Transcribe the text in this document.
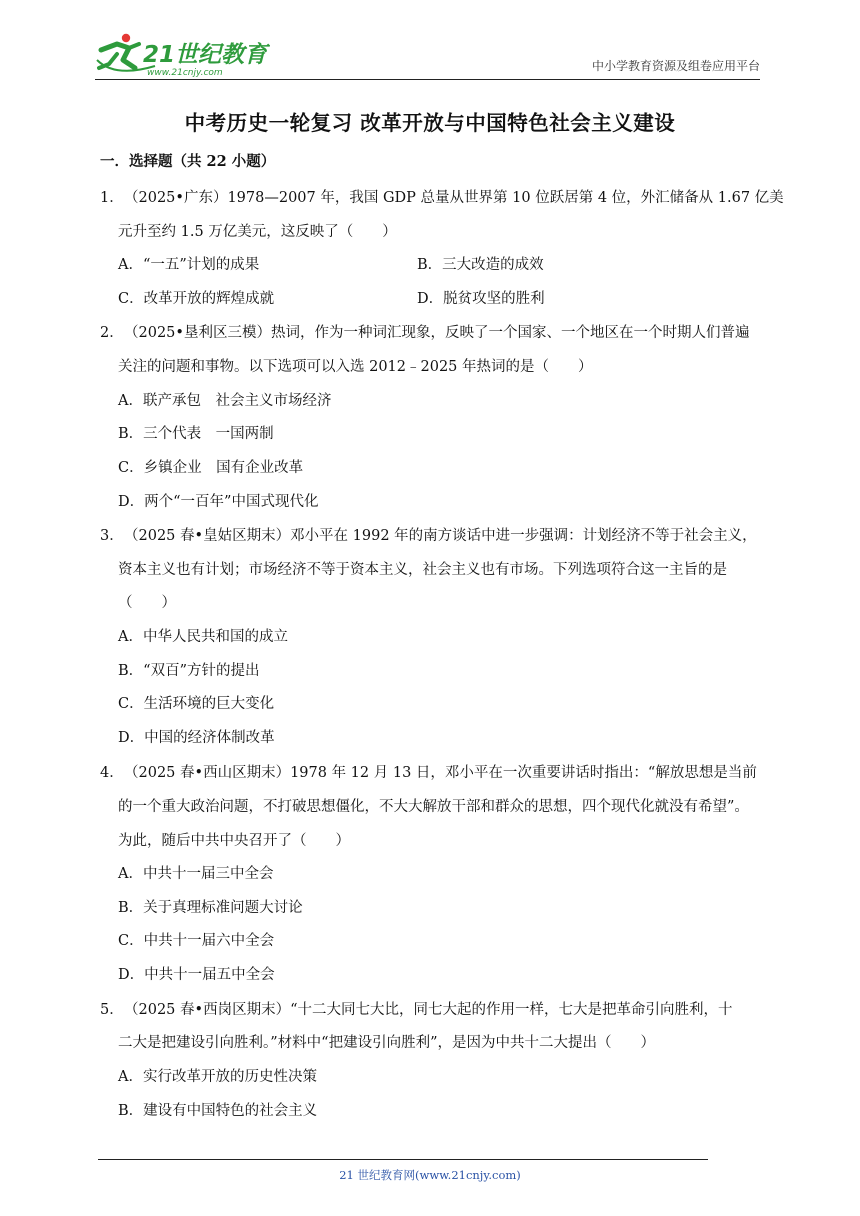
21世纪教育
www.21cnjy.com	中小学教育资源及组卷应用平台
中考历史一轮复习 改革开放与中国特色社会主义建设
一．选择题（共 22 小题）
1． （2025•广东）1978—2007 年，我国 GDP 总量从世界第 10 位跃居第 4 位，外汇储备从 1.67 亿美
元升至约 1.5 万亿美元，这反映了（　　）
A．“一五”计划的成果	B．三大改造的成效
C．改革开放的辉煌成就	D．脱贫攻坚的胜利
2． （2025•垦利区三模）热词，作为一种词汇现象，反映了一个国家、一个地区在一个时期人们普遍
关注的问题和事物。以下选项可以入选 2012﹣2025 年热词的是（　　）
A．联产承包　社会主义市场经济
B．三个代表　一国两制
C．乡镇企业　国有企业改革
D．两个“一百年”中国式现代化
3． （2025 春•皇姑区期末）邓小平在 1992 年的南方谈话中进一步强调：计划经济不等于社会主义，
资本主义也有计划；市场经济不等于资本主义，社会主义也有市场。下列选项符合这一主旨的是
（　　）
A．中华人民共和国的成立
B．“双百”方针的提出
C．生活环境的巨大变化
D．中国的经济体制改革
4． （2025 春•西山区期末）1978 年 12 月 13 日，邓小平在一次重要讲话时指出：“解放思想是当前
的一个重大政治问题，不打破思想僵化，不大大解放干部和群众的思想，四个现代化就没有希望”。
为此，随后中共中央召开了（　　）
A．中共十一届三中全会
B．关于真理标准问题大讨论
C．中共十一届六中全会
D．中共十一届五中全会
5． （2025 春•西岗区期末）“十二大同七大比，同七大起的作用一样，七大是把革命引向胜利，十
二大是把建设引向胜利。”材料中“把建设引向胜利”，是因为中共十二大提出（　　）
A．实行改革开放的历史性决策
B．建设有中国特色的社会主义
21 世纪教育网(www.21cnjy.com)
